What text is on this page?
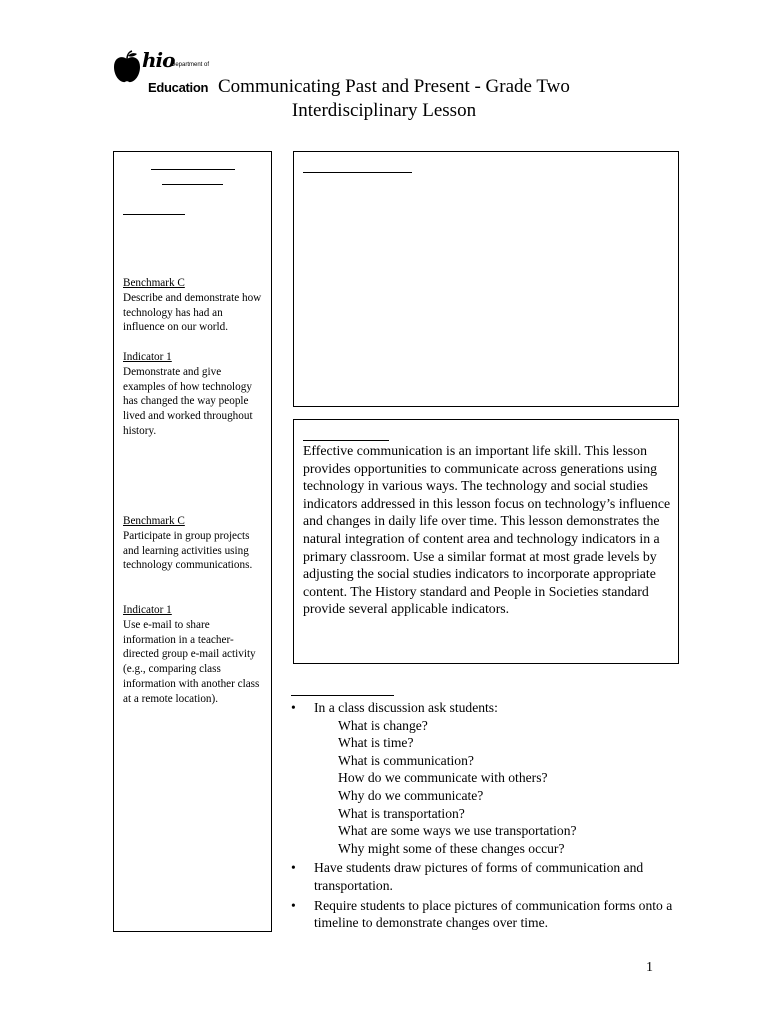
hio
Department of
Education Communicating Past and Present - Grade Two
Interdisciplinary Lesson
Benchmark C
Describe and demonstrate how technology has had an influence on our world.
Indicator 1
Demonstrate and give examples of how technology has changed the way people lived and worked throughout history.
Benchmark C
Participate in group projects and learning activities using technology communications.
Indicator 1
Use e-mail to share information in a teacher-directed group e-mail activity (e.g., comparing class information with another class at a remote location).
Effective communication is an important life skill. This lesson provides opportunities to communicate across generations using technology in various ways. The technology and social studies indicators addressed in this lesson focus on technology’s influence and changes in daily life over time. This lesson demonstrates the natural integration of content area and technology indicators in a primary classroom. Use a similar format at most grade levels by adjusting the social studies indicators to incorporate appropriate content. The History standard and People in Societies standard provide several applicable indicators.
• In a class discussion ask students:
What is change?
What is time?
What is communication?
How do we communicate with others?
Why do we communicate?
What is transportation?
What are some ways we use transportation?
Why might some of these changes occur?
• Have students draw pictures of forms of communication and transportation.
• Require students to place pictures of communication forms onto a timeline to demonstrate changes over time.
1
